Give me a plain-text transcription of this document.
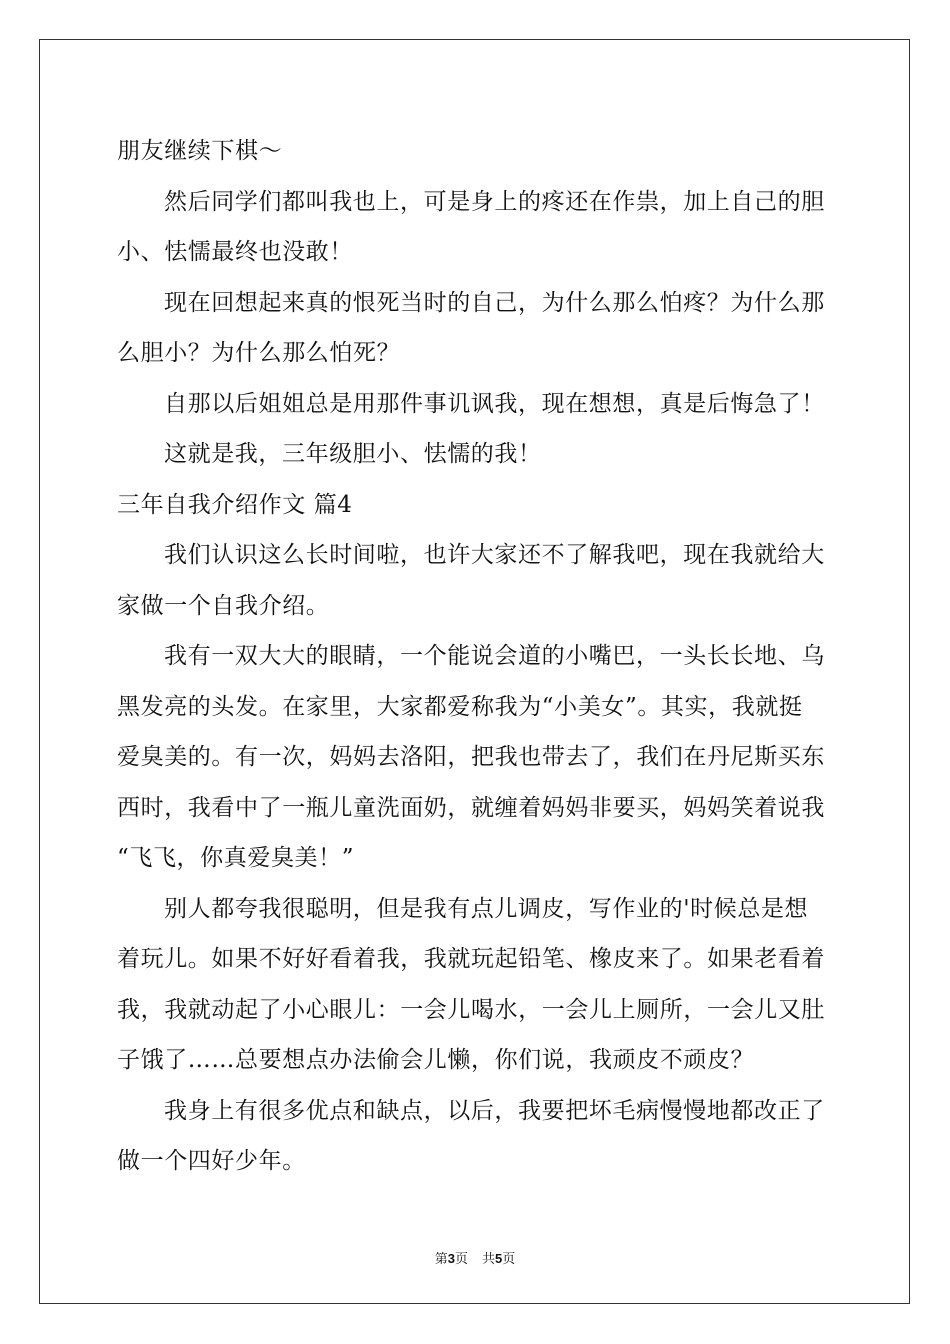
朋友继续下棋～
然后同学们都叫我也上，可是身上的疼还在作祟，加上自己的胆
小、怯懦最终也没敢！
现在回想起来真的恨死当时的自己，为什么那么怕疼？为什么那
么胆小？为什么那么怕死？
自那以后姐姐总是用那件事讥讽我，现在想想，真是后悔急了！
这就是我，三年级胆小、怯懦的我！
三年自我介绍作文 篇4
我们认识这么长时间啦，也许大家还不了解我吧，现在我就给大
家做一个自我介绍。
我有一双大大的眼睛，一个能说会道的小嘴巴，一头长长地、乌
黑发亮的头发。在家里，大家都爱称我为“小美女”。其实，我就挺
爱臭美的。有一次，妈妈去洛阳，把我也带去了，我们在丹尼斯买东
西时，我看中了一瓶儿童洗面奶，就缠着妈妈非要买，妈妈笑着说我
“飞飞，你真爱臭美！”
别人都夸我很聪明，但是我有点儿调皮，写作业的'时候总是想
着玩儿。如果不好好看着我，我就玩起铅笔、橡皮来了。如果老看着
我，我就动起了小心眼儿：一会儿喝水，一会儿上厕所，一会儿又肚
子饿了……总要想点办法偷会儿懒，你们说，我顽皮不顽皮？
我身上有很多优点和缺点，以后，我要把坏毛病慢慢地都改正了
做一个四好少年。
第3页 共5页
